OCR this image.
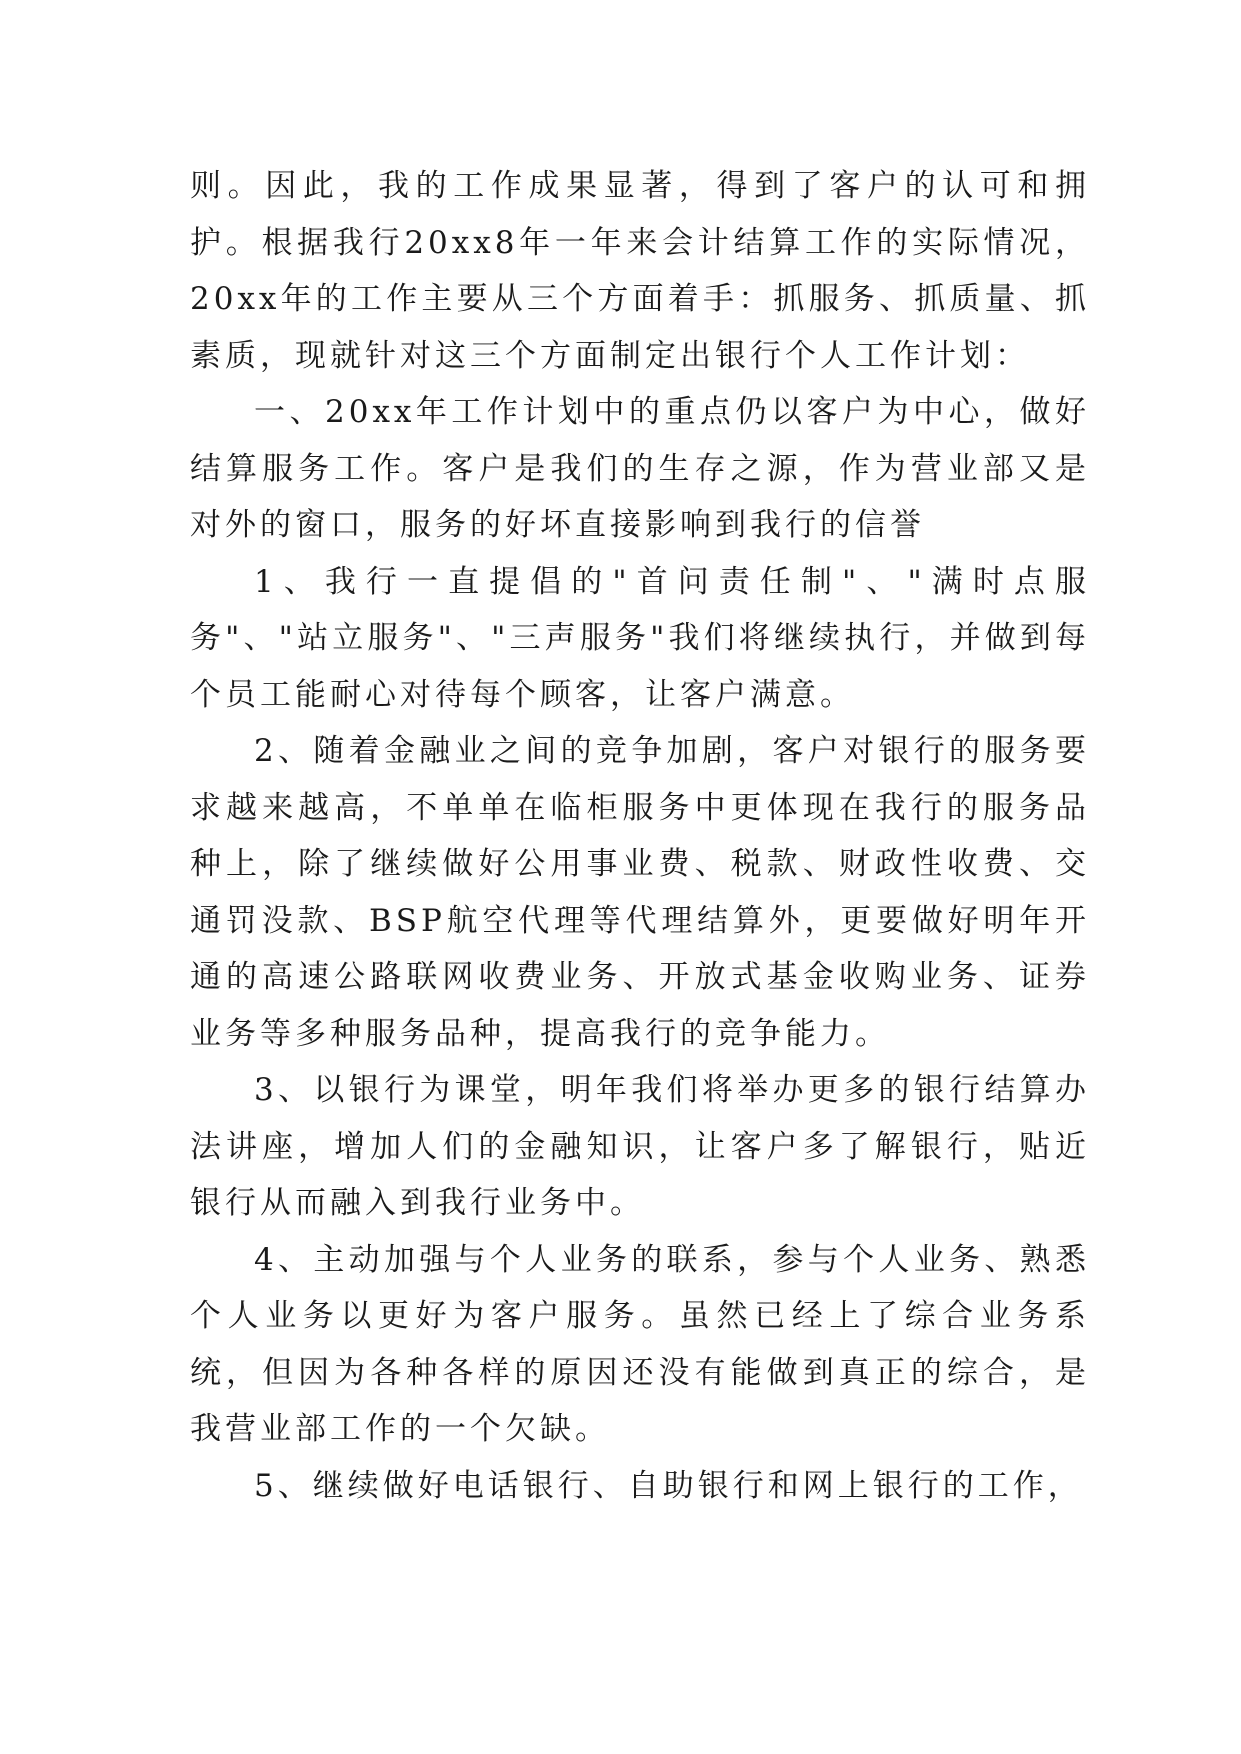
则。因此，我的工作成果显著，得到了客户的认可和拥护。根据我行20xx8年一年来会计结算工作的实际情况，20xx年的工作主要从三个方面着手：抓服务、抓质量、抓素质，现就针对这三个方面制定出银行个人工作计划：

一、20xx年工作计划中的重点仍以客户为中心，做好结算服务工作。客户是我们的生存之源，作为营业部又是对外的窗口，服务的好坏直接影响到我行的信誉

1、我行一直提倡的"首问责任制"、"满时点服务"、"站立服务"、"三声服务"我们将继续执行，并做到每个员工能耐心对待每个顾客，让客户满意。

2、随着金融业之间的竞争加剧，客户对银行的服务要求越来越高，不单单在临柜服务中更体现在我行的服务品种上，除了继续做好公用事业费、税款、财政性收费、交通罚没款、BSP航空代理等代理结算外，更要做好明年开通的高速公路联网收费业务、开放式基金收购业务、证券业务等多种服务品种，提高我行的竞争能力。

3、以银行为课堂，明年我们将举办更多的银行结算办法讲座，增加人们的金融知识，让客户多了解银行，贴近银行从而融入到我行业务中。

4、主动加强与个人业务的联系，参与个人业务、熟悉个人业务以更好为客户服务。虽然已经上了综合业务系统，但因为各种各样的原因还没有能做到真正的综合，是我营业部工作的一个欠缺。

5、继续做好电话银行、自助银行和网上银行的工作，
